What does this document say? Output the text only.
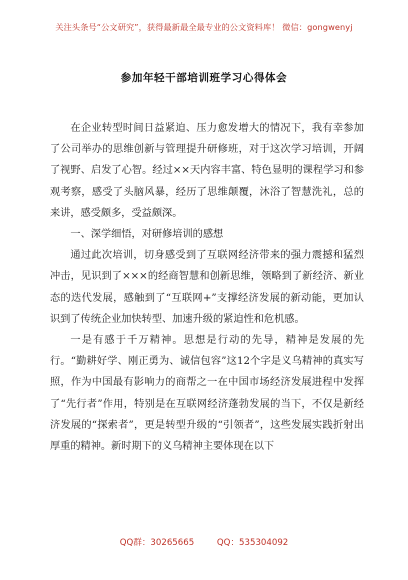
关注头条号“公文研究”，获得最新最全最专业的公文资料库！ 微信：gongwenyj
参加年轻干部培训班学习心得体会

在企业转型时间日益紧迫、压力愈发增大的情况下，我有幸参加了公司举办的思维创新与管理提升研修班，对于这次学习培训，开阔了视野、启发了心智。经过××天内容丰富、特色显明的课程学习和参观考察，感受了头脑风暴，经历了思维颠覆，沐浴了智慧洗礼，总的来讲，感受颇多，受益颇深。

一、深学细悟，对研修培训的感想

通过此次培训，切身感受到了互联网经济带来的强力震撼和猛烈冲击，见识到了×××的经商智慧和创新思维，领略到了新经济、新业态的迭代发展，感触到了“互联网+”支撑经济发展的新动能，更加认识到了传统企业加快转型、加速升级的紧迫性和危机感。

一是有感于千万精神。思想是行动的先导，精神是发展的先行。“勤耕好学、刚正勇为、诚信包容”这12个字是义乌精神的真实写照，作为中国最有影响力的商帮之一在中国市场经济发展进程中发挥了“先行者”作用，特别是在互联网经济蓬勃发展的当下，不仅是新经济发展的“探索者”，更是转型升级的“引领者”，这些发展实践折射出厚重的精神。新时期下的义乌精神主要体现在以下

QQ群：30265665	QQ：535304092
